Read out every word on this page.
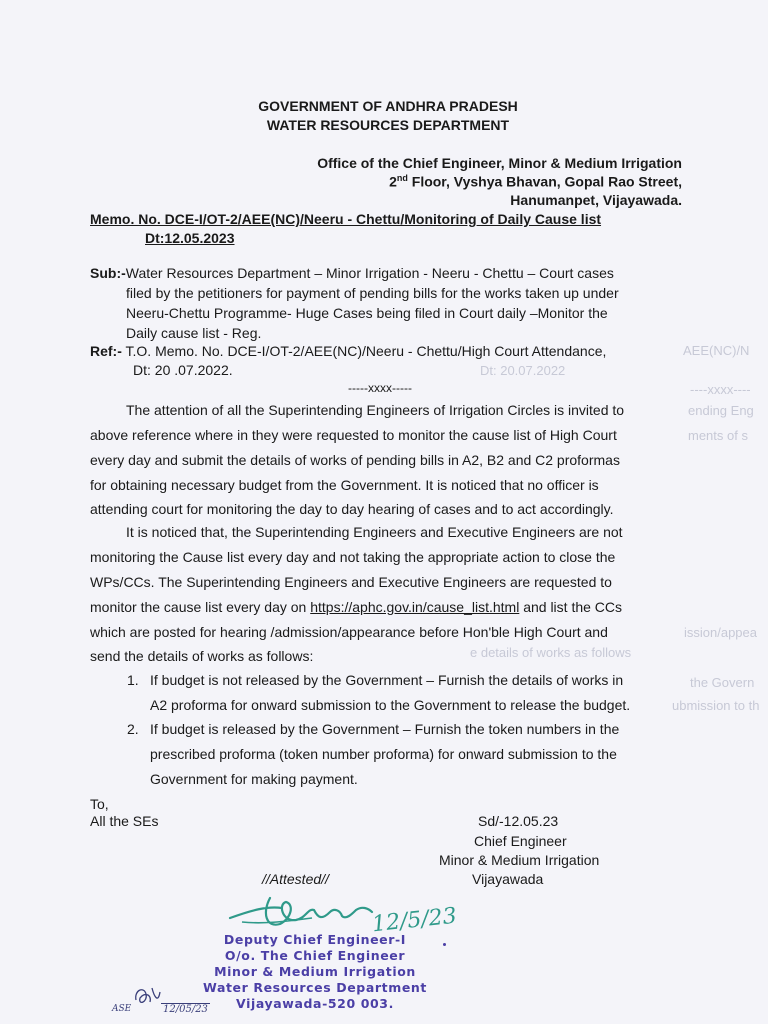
AEE(NC)/N
Dt: 20.07.2022
----xxxx----
ending Eng
ments of s
ission/appea
e details of works as follows
the Govern
ubmission to th
GOVERNMENT OF ANDHRA PRADESH
WATER RESOURCES DEPARTMENT
Office of the Chief Engineer, Minor & Medium Irrigation
2nd Floor, Vyshya Bhavan, Gopal Rao Street,
Hanumanpet, Vijayawada.
Memo. No. DCE-I/OT-2/AEE(NC)/Neeru - Chettu/Monitoring of Daily Cause list
Dt:12.05.2023
Sub:-Water Resources Department – Minor Irrigation - Neeru - Chettu – Court cases
filed by the petitioners for payment of pending bills for the works taken up under
Neeru-Chettu Programme- Huge Cases being filed in Court daily –Monitor the
Daily cause list - Reg.
Ref:- T.O. Memo. No. DCE-I/OT-2/AEE(NC)/Neeru - Chettu/High Court Attendance,
Dt: 20 .07.2022.
-----xxxx-----
The attention of all the Superintending Engineers of Irrigation Circles is invited to
above reference where in they were requested to monitor the cause list of High Court
every day and submit the details of works of pending bills in A2, B2 and C2 proformas
for obtaining necessary budget from the Government. It is noticed that no officer is
attending court for monitoring the day to day hearing of cases and to act accordingly.
It is noticed that, the Superintending Engineers and Executive Engineers are not
monitoring the Cause list every day and not taking the appropriate action to close the
WPs/CCs. The Superintending Engineers and Executive Engineers are requested to
monitor the cause list every day on https://aphc.gov.in/cause_list.html and list the CCs
which are posted for hearing /admission/appearance before Hon'ble High Court and
send the details of works as follows:
1. If budget is not released by the Government – Furnish the details of works in
A2 proforma for onward submission to the Government to release the budget.
2. If budget is released by the Government – Furnish the token numbers in the
prescribed proforma (token number proforma) for onward submission to the
Government for making payment.
To,
All the SEs	Sd/-12.05.23
Chief Engineer
Minor & Medium Irrigation
Vijayawada
//Attested//
12/5/23
Deputy Chief Engineer-I
O/o. The Chief Engineer
Minor & Medium Irrigation
Water Resources Department
Vijayawada-520 003.
ASE	12/05/23
